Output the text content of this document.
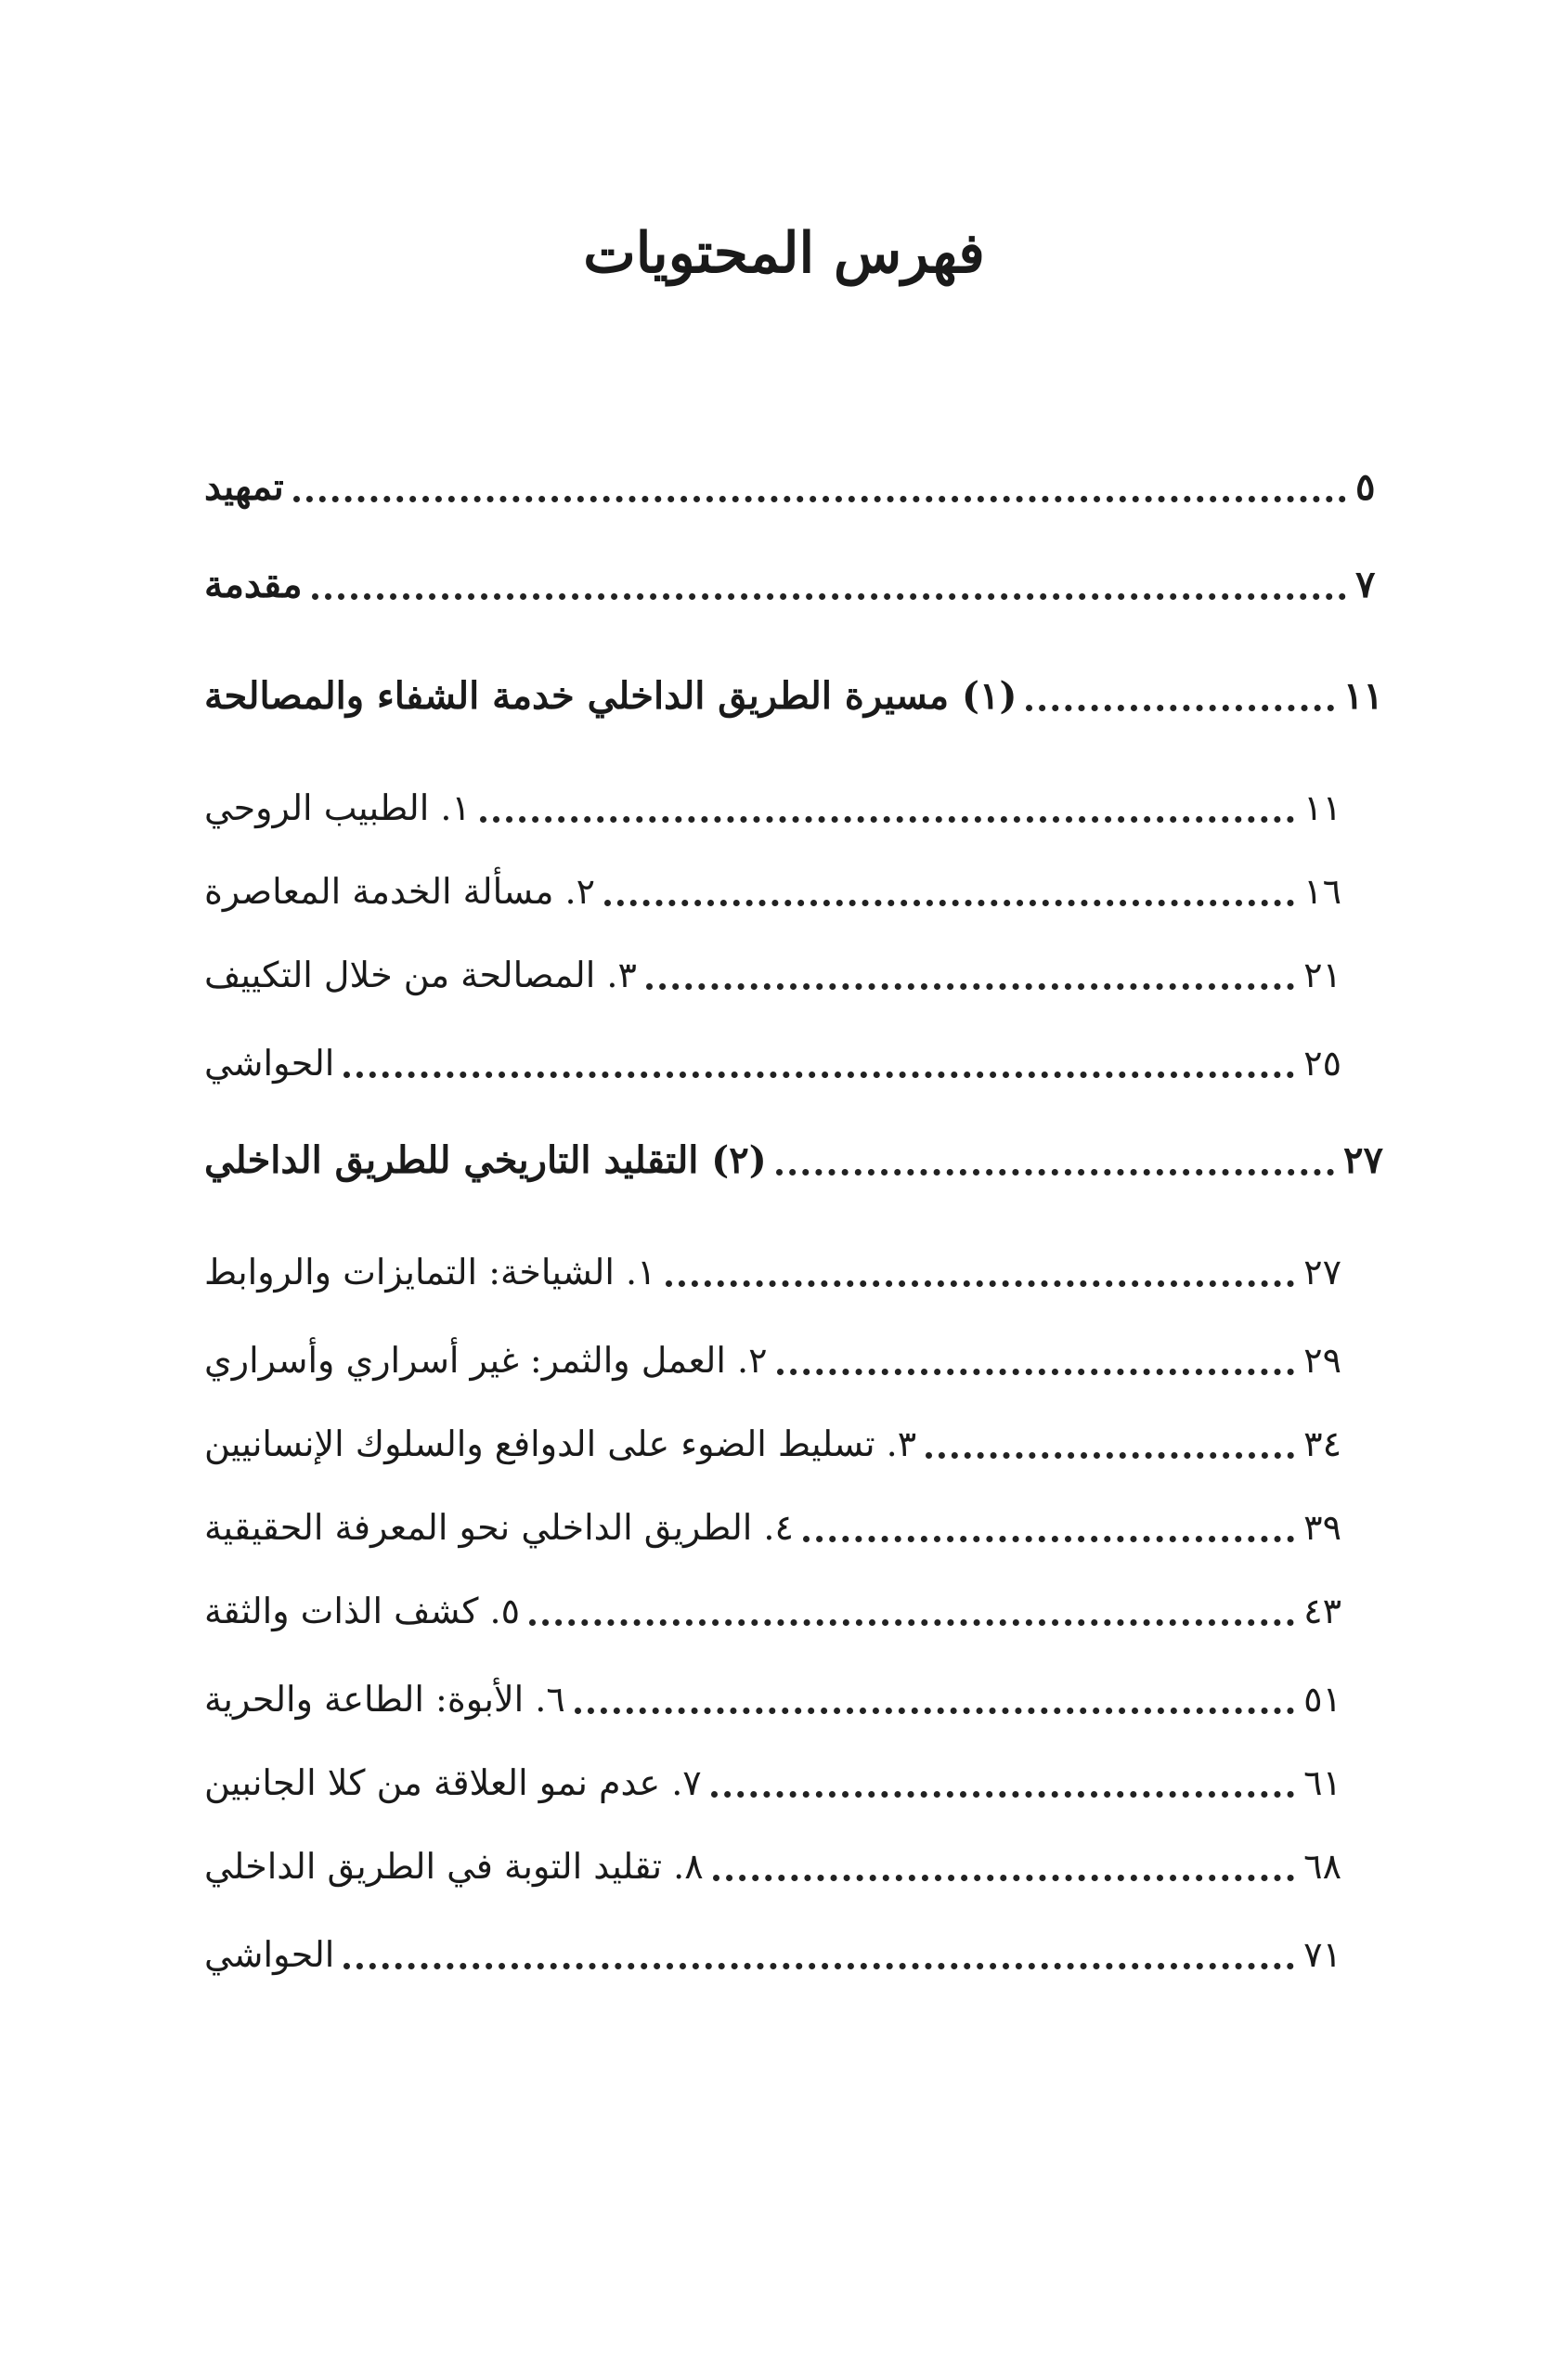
فهرس المحتويات
تمهيد	٥
مقدمة	٧
(١) مسيرة الطريق الداخلي خدمة الشفاء والمصالحة	١١
١. الطبيب الروحي	١١
٢. مسألة الخدمة المعاصرة	١٦
٣. المصالحة من خلال التكييف	٢١
الحواشي	٢٥
(٢) التقليد التاريخي للطريق الداخلي	٢٧
١. الشياخة: التمايزات والروابط	٢٧
٢. العمل والثمر: غير أسراري وأسراري	٢٩
٣. تسليط الضوء على الدوافع والسلوك الإنسانيين	٣٤
٤. الطريق الداخلي نحو المعرفة الحقيقية	٣٩
٥. كشف الذات والثقة	٤٣
٦. الأبوة: الطاعة والحرية	٥١
٧. عدم نمو العلاقة من كلا الجانبين	٦١
٨. تقليد التوبة في الطريق الداخلي	٦٨
الحواشي	٧١
